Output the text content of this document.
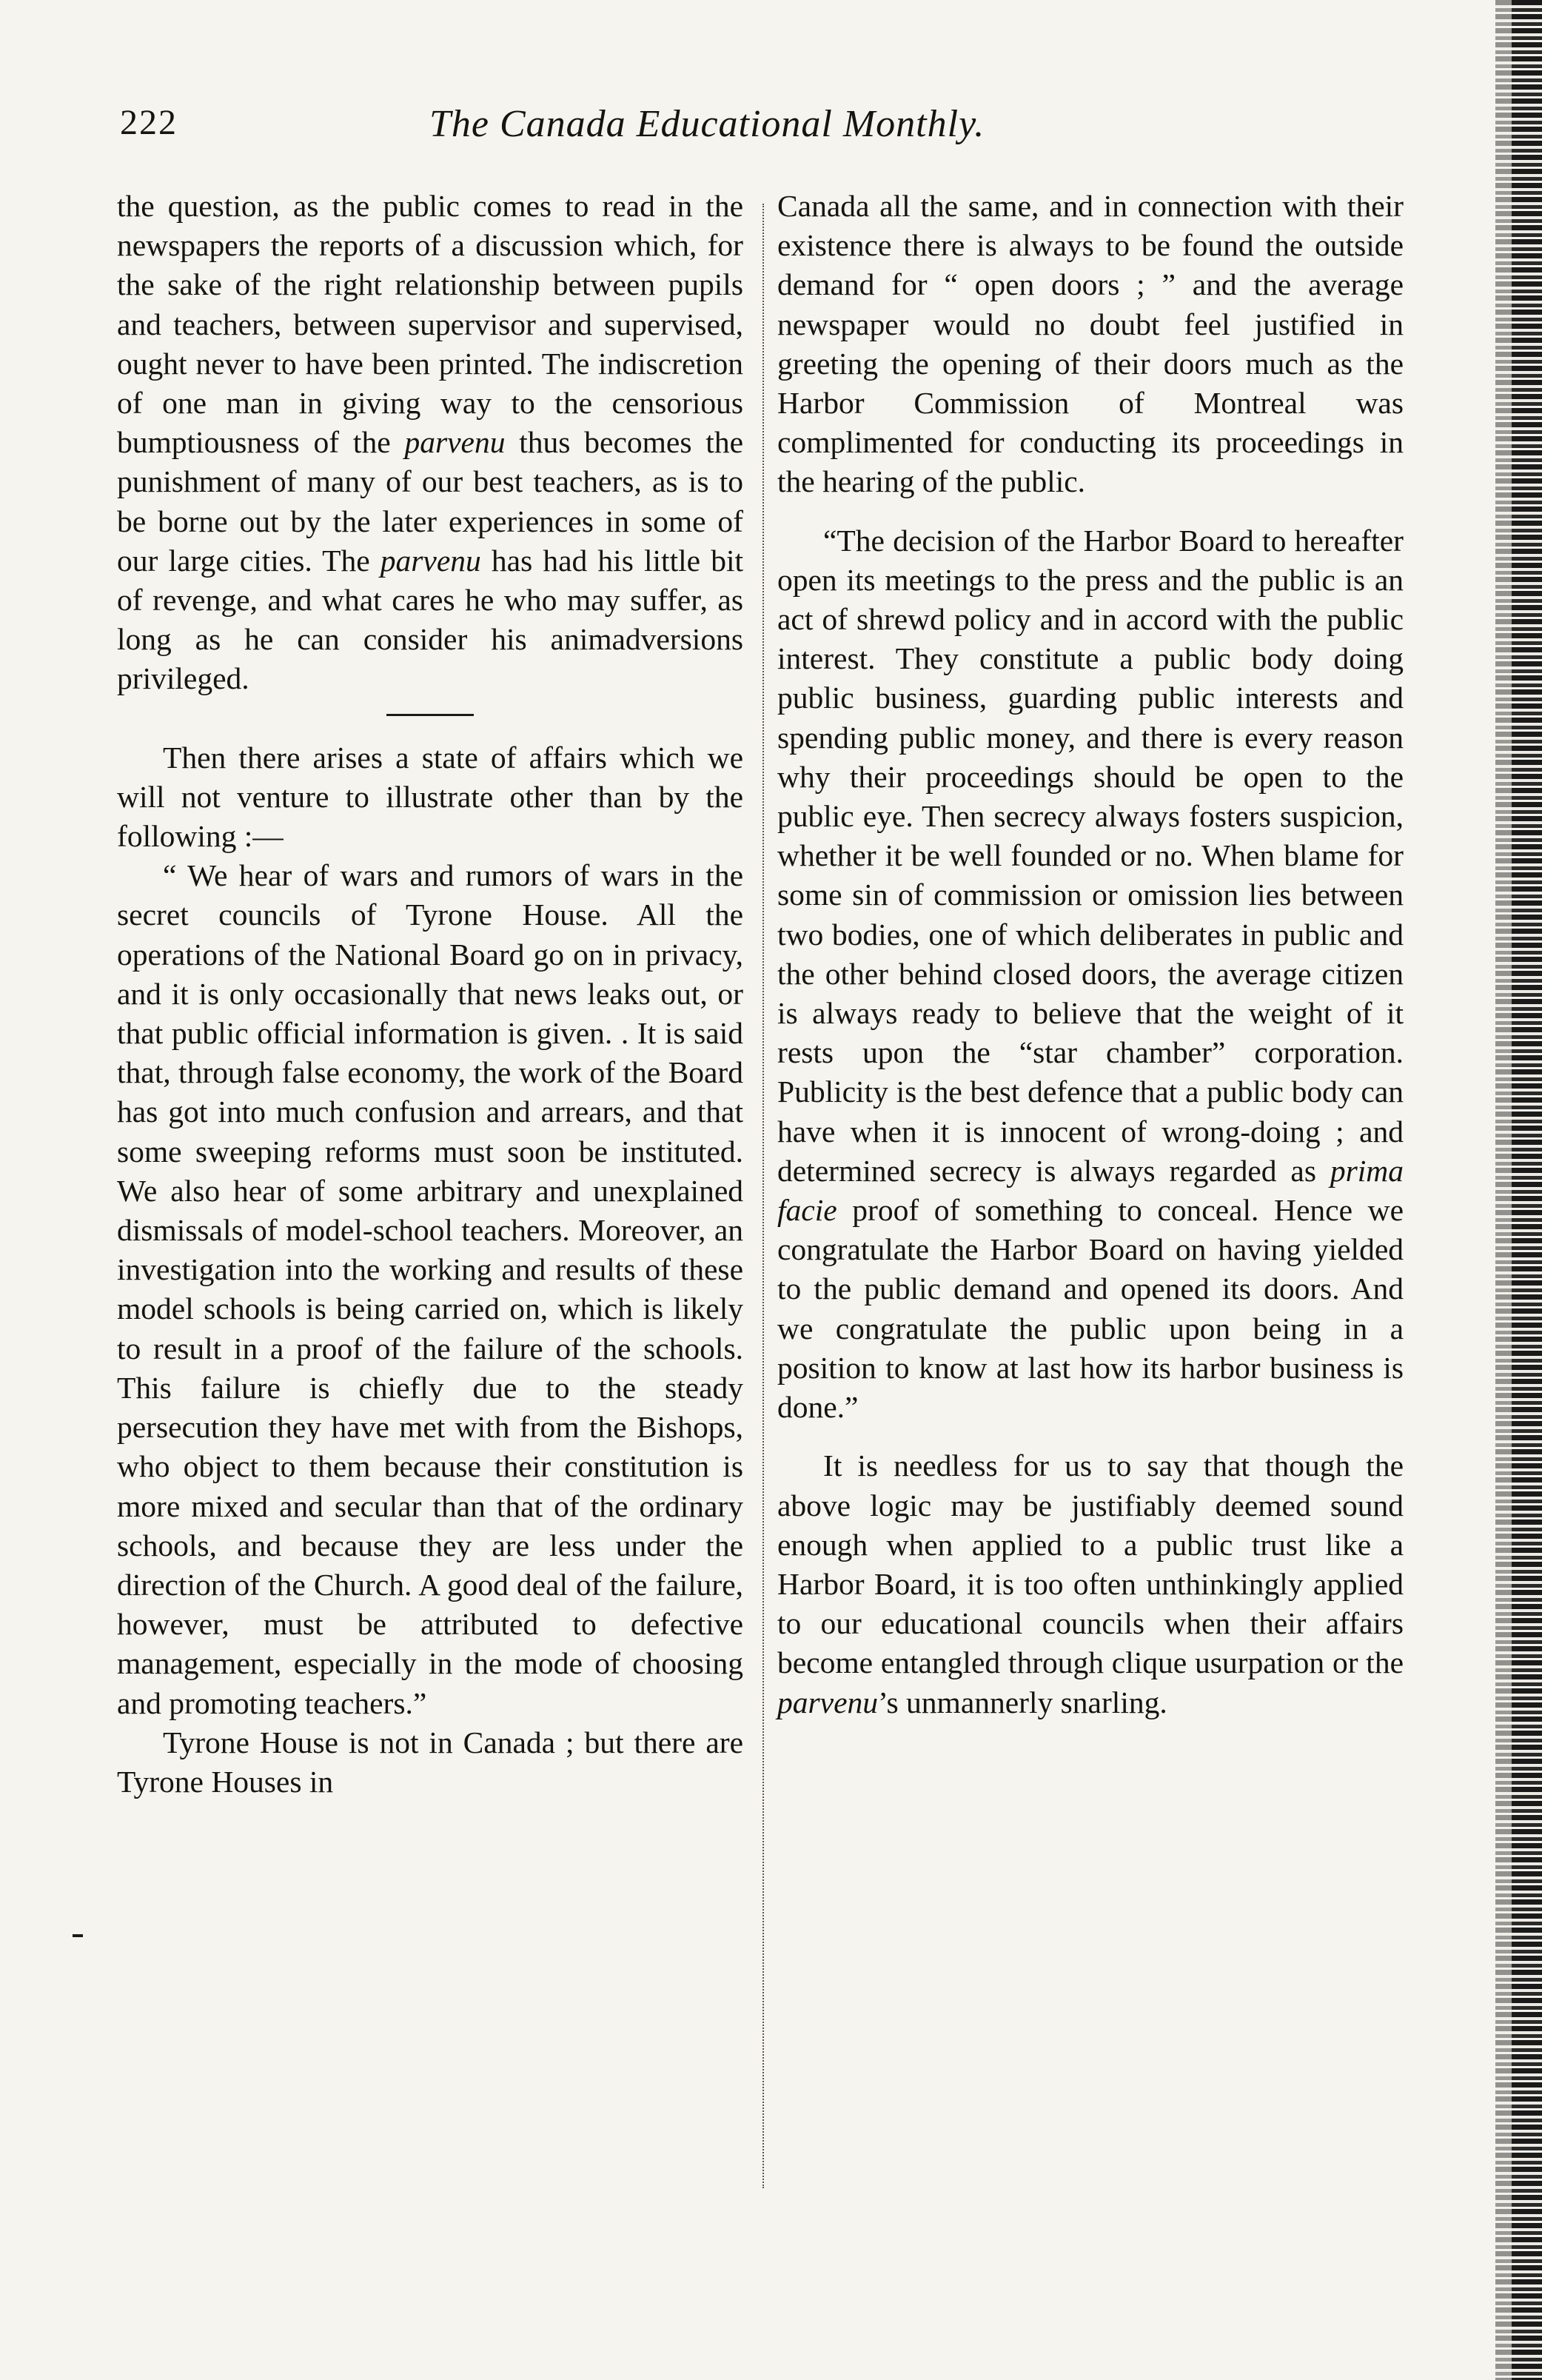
222	The Canada Educational Monthly.

the question, as the public comes to read in the newspapers the reports of a discussion which, for the sake of the right relationship between pupils and teachers, between supervisor and supervised, ought never to have been printed. The indiscretion of one man in giving way to the censorious bumptiousness of the parvenu thus becomes the punishment of many of our best teachers, as is to be borne out by the later experiences in some of our large cities. The parvenu has had his little bit of revenge, and what cares he who may suffer, as long as he can consider his animadversions privileged.

Then there arises a state of affairs which we will not venture to illustrate other than by the following :—

“ We hear of wars and rumors of wars in the secret councils of Tyrone House. All the operations of the National Board go on in privacy, and it is only occasionally that news leaks out, or that public official information is given. . It is said that, through false economy, the work of the Board has got into much confusion and arrears, and that some sweeping reforms must soon be instituted. We also hear of some arbitrary and unexplained dismissals of model-school teachers. Moreover, an investigation into the working and results of these model schools is being carried on, which is likely to result in a proof of the failure of the schools. This failure is chiefly due to the steady persecution they have met with from the Bishops, who object to them because their constitution is more mixed and secular than that of the ordinary schools, and because they are less under the direction of the Church. A good deal of the failure, however, must be attributed to defective management, especially in the mode of choosing and promoting teachers.”

Tyrone House is not in Canada ; but there are Tyrone Houses in

Canada all the same, and in connection with their existence there is always to be found the outside demand for “ open doors ; ” and the average newspaper would no doubt feel justified in greeting the opening of their doors much as the Harbor Commission of Montreal was complimented for conducting its proceedings in the hearing of the public.

“The decision of the Harbor Board to hereafter open its meetings to the press and the public is an act of shrewd policy and in accord with the public interest. They constitute a public body doing public business, guarding public interests and spending public money, and there is every reason why their proceedings should be open to the public eye. Then secrecy always fosters suspicion, whether it be well founded or no. When blame for some sin of commission or omission lies between two bodies, one of which deliberates in public and the other behind closed doors, the average citizen is always ready to believe that the weight of it rests upon the “star chamber” corporation. Publicity is the best defence that a public body can have when it is innocent of wrong-doing ; and determined secrecy is always regarded as prima facie proof of something to conceal. Hence we congratulate the Harbor Board on having yielded to the public demand and opened its doors. And we congratulate the public upon being in a position to know at last how its harbor business is done.”

It is needless for us to say that though the above logic may be justifiably deemed sound enough when applied to a public trust like a Harbor Board, it is too often unthinkingly applied to our educational councils when their affairs become entangled through clique usurpation or the parvenu’s unmannerly snarling.
